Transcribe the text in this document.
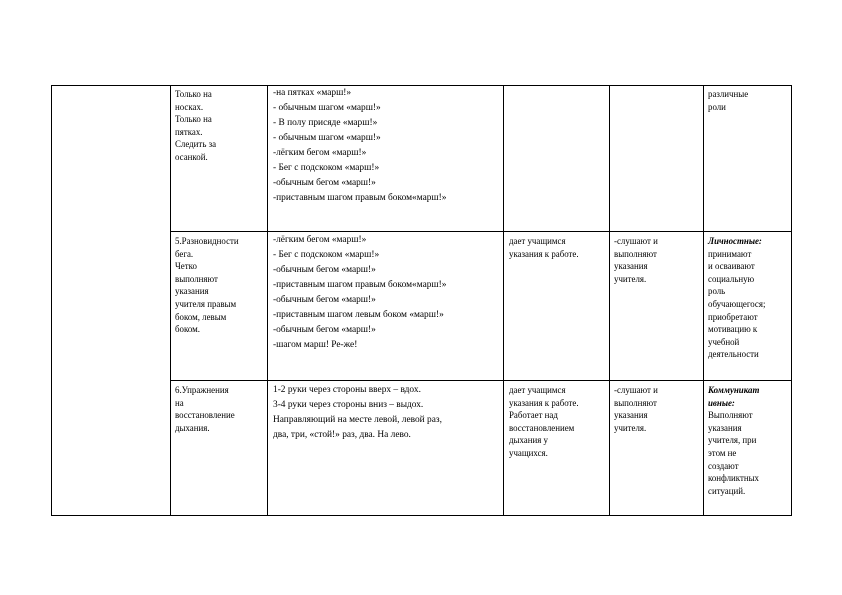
Только на
носках.
Только на
пятках.
Следить за
осанкой.
-на пятках «марш!»
- обычным шагом «марш!»
- В полу присяде «марш!»
- обычным шагом «марш!»
-лёгким бегом «марш!»
- Бег с подскоком «марш!»
-обычным бегом «марш!»
-приставным шагом правым боком«марш!»
различные
роли
5.Разновидности
бега.
Четко
выполняют
указания
учителя правым
боком, левым
боком.
-лёгким бегом «марш!»
- Бег с подскоком «марш!»
-обычным бегом «марш!»
-приставным шагом правым боком«марш!»
-обычным бегом «марш!»
-приставным шагом левым боком «марш!»
-обычным бегом «марш!»
-шагом марш! Ре-же!
дает учащимся
указания к работе.
-слушают и
выполняют
указания
учителя.
Личностные:
принимают
и осваивают
социальную
роль
обучающегося;
приобретают
мотивацию к
учебной
деятельности
6.Упражнения
на
восстановление
дыхания.
1-2 руки через стороны вверх – вдох.
3-4 руки через стороны вниз – выдох.
Направляющий на месте левой, левой раз,
два, три, «стой!» раз, два. На лево.
дает учащимся
указания к работе.
Работает над
восстановлением
дыхания у
учащихся.
-слушают и
выполняют
указания
учителя.
Коммуникат
ивные:
Выполняют
указания
учителя, при
этом не
создают
конфликтных
ситуаций.
